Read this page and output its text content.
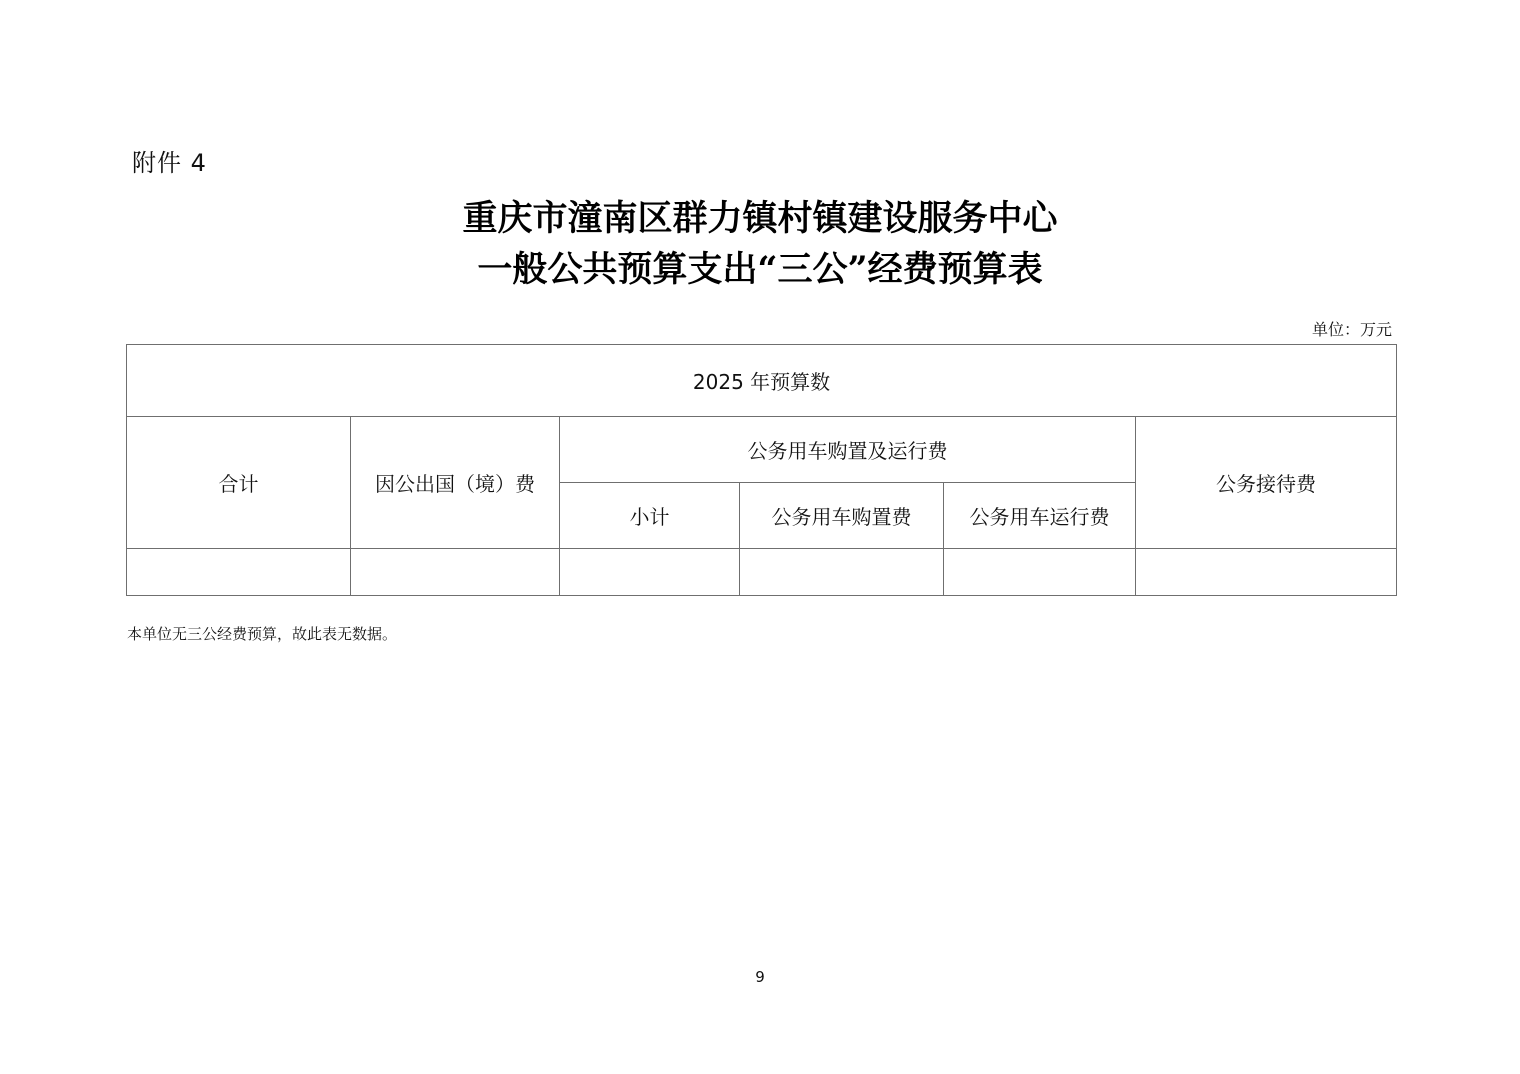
附件 4
重庆市潼南区群力镇村镇建设服务中心
一般公共预算支出“三公”经费预算表
单位：万元
2025 年预算数					
合计	因公出国（境）费	公务用车购置及运行费			公务接待费
		小计	公务用车购置费	公务用车运行费	

本单位无三公经费预算，故此表无数据。
9
